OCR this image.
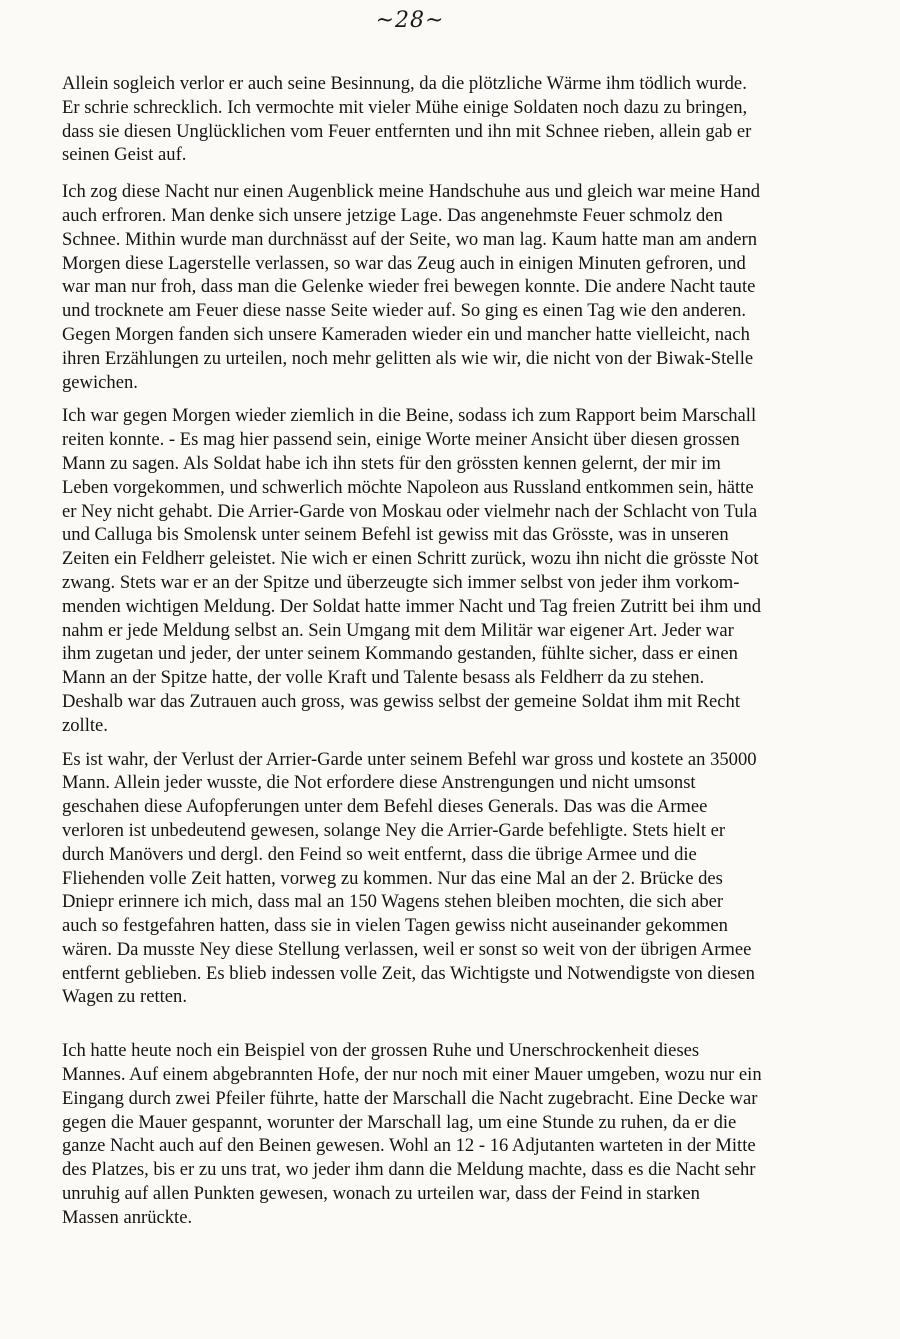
~28~

Allein sogleich verlor er auch seine Besinnung, da die plötzliche Wärme ihm tödlich wurde.
Er schrie schrecklich. Ich vermochte mit vieler Mühe einige Soldaten noch dazu zu bringen,
dass sie diesen Unglücklichen vom Feuer entfernten und ihn mit Schnee rieben, allein gab er
seinen Geist auf.

Ich zog diese Nacht nur einen Augenblick meine Handschuhe aus und gleich war meine Hand
auch erfroren. Man denke sich unsere jetzige Lage. Das angenehmste Feuer schmolz den
Schnee. Mithin wurde man durchnässt auf der Seite, wo man lag. Kaum hatte man am andern
Morgen diese Lagerstelle verlassen, so war das Zeug auch in einigen Minuten gefroren, und
war man nur froh, dass man die Gelenke wieder frei bewegen konnte. Die andere Nacht taute
und trocknete am Feuer diese nasse Seite wieder auf. So ging es einen Tag wie den anderen.
Gegen Morgen fanden sich unsere Kameraden wieder ein und mancher hatte vielleicht, nach
ihren Erzählungen zu urteilen, noch mehr gelitten als wie wir, die nicht von der Biwak-Stelle
gewichen.

Ich war gegen Morgen wieder ziemlich in die Beine, sodass ich zum Rapport beim Marschall
reiten konnte. - Es mag hier passend sein, einige Worte meiner Ansicht über diesen grossen
Mann zu sagen. Als Soldat habe ich ihn stets für den grössten kennen gelernt, der mir im
Leben vorgekommen, und schwerlich möchte Napoleon aus Russland entkommen sein, hätte
er Ney nicht gehabt. Die Arrier-Garde von Moskau oder vielmehr nach der Schlacht von Tula
und Calluga bis Smolensk unter seinem Befehl ist gewiss mit das Grösste, was in unseren
Zeiten ein Feldherr geleistet. Nie wich er einen Schritt zurück, wozu ihn nicht die grösste Not
zwang. Stets war er an der Spitze und überzeugte sich immer selbst von jeder ihm vorkom-
menden wichtigen Meldung. Der Soldat hatte immer Nacht und Tag freien Zutritt bei ihm und
nahm er jede Meldung selbst an. Sein Umgang mit dem Militär war eigener Art. Jeder war
ihm zugetan und jeder, der unter seinem Kommando gestanden, fühlte sicher, dass er einen
Mann an der Spitze hatte, der volle Kraft und Talente besass als Feldherr da zu stehen.
Deshalb war das Zutrauen auch gross, was gewiss selbst der gemeine Soldat ihm mit Recht
zollte.

Es ist wahr, der Verlust der Arrier-Garde unter seinem Befehl war gross und kostete an 35000
Mann. Allein jeder wusste, die Not erfordere diese Anstrengungen und nicht umsonst
geschahen diese Aufopferungen unter dem Befehl dieses Generals. Das was die Armee
verloren ist unbedeutend gewesen, solange Ney die Arrier-Garde befehligte. Stets hielt er
durch Manövers und dergl. den Feind so weit entfernt, dass die übrige Armee und die
Fliehenden volle Zeit hatten, vorweg zu kommen. Nur das eine Mal an der 2. Brücke des
Dniepr erinnere ich mich, dass mal an 150 Wagens stehen bleiben mochten, die sich aber
auch so festgefahren hatten, dass sie in vielen Tagen gewiss nicht auseinander gekommen
wären. Da musste Ney diese Stellung verlassen, weil er sonst so weit von der übrigen Armee
entfernt geblieben. Es blieb indessen volle Zeit, das Wichtigste und Notwendigste von diesen
Wagen zu retten.

Ich hatte heute noch ein Beispiel von der grossen Ruhe und Unerschrockenheit dieses
Mannes. Auf einem abgebrannten Hofe, der nur noch mit einer Mauer umgeben, wozu nur ein
Eingang durch zwei Pfeiler führte, hatte der Marschall die Nacht zugebracht. Eine Decke war
gegen die Mauer gespannt, worunter der Marschall lag, um eine Stunde zu ruhen, da er die
ganze Nacht auch auf den Beinen gewesen. Wohl an 12 - 16 Adjutanten warteten in der Mitte
des Platzes, bis er zu uns trat, wo jeder ihm dann die Meldung machte, dass es die Nacht sehr
unruhig auf allen Punkten gewesen, wonach zu urteilen war, dass der Feind in starken
Massen anrückte.
